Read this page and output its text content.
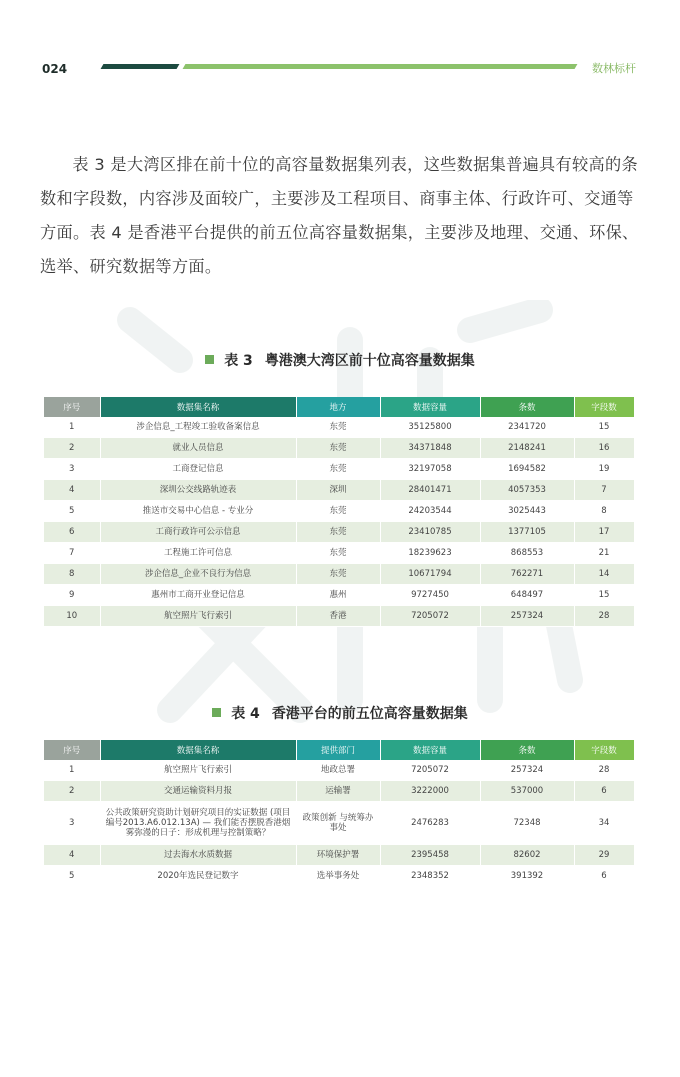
024	数林标杆

表 3 是大湾区排在前十位的高容量数据集列表，这些数据集普遍具有较高的条数和字段数，内容涉及面较广，主要涉及工程项目、商事主体、行政许可、交通等方面。表 4 是香港平台提供的前五位高容量数据集，主要涉及地理、交通、环保、选举、研究数据等方面。

表 3 粤港澳大湾区前十位高容量数据集
序号	数据集名称	地方	数据容量	条数	字段数
1	涉企信息_工程竣工验收备案信息	东莞	35125800	2341720	15
2	就业人员信息	东莞	34371848	2148241	16
3	工商登记信息	东莞	32197058	1694582	19
4	深圳公交线路轨迹表	深圳	28401471	4057353	7
5	推送市交易中心信息 - 专业分	东莞	24203544	3025443	8
6	工商行政许可公示信息	东莞	23410785	1377105	17
7	工程施工许可信息	东莞	18239623	868553	21
8	涉企信息_企业不良行为信息	东莞	10671794	762271	14
9	惠州市工商开业登记信息	惠州	9727450	648497	15
10	航空照片飞行索引	香港	7205072	257324	28
表 4 香港平台的前五位高容量数据集
序号	数据集名称	提供部门	数据容量	条数	字段数
1	航空照片飞行索引	地政总署	7205072	257324	28
2	交通运输资料月报	运输署	3222000	537000	6
3	公共政策研究资助计划研究项目的实证数据 (项目编号2013.A6.012.13A) — 我们能否摆脱香港烟雾弥漫的日子：形成机理与控制策略？	政策创新 与统筹办事处	2476283	72348	34
4	过去海水水质数据	环境保护署	2395458	82602	29
5	2020年选民登记数字	选举事务处	2348352	391392	6
